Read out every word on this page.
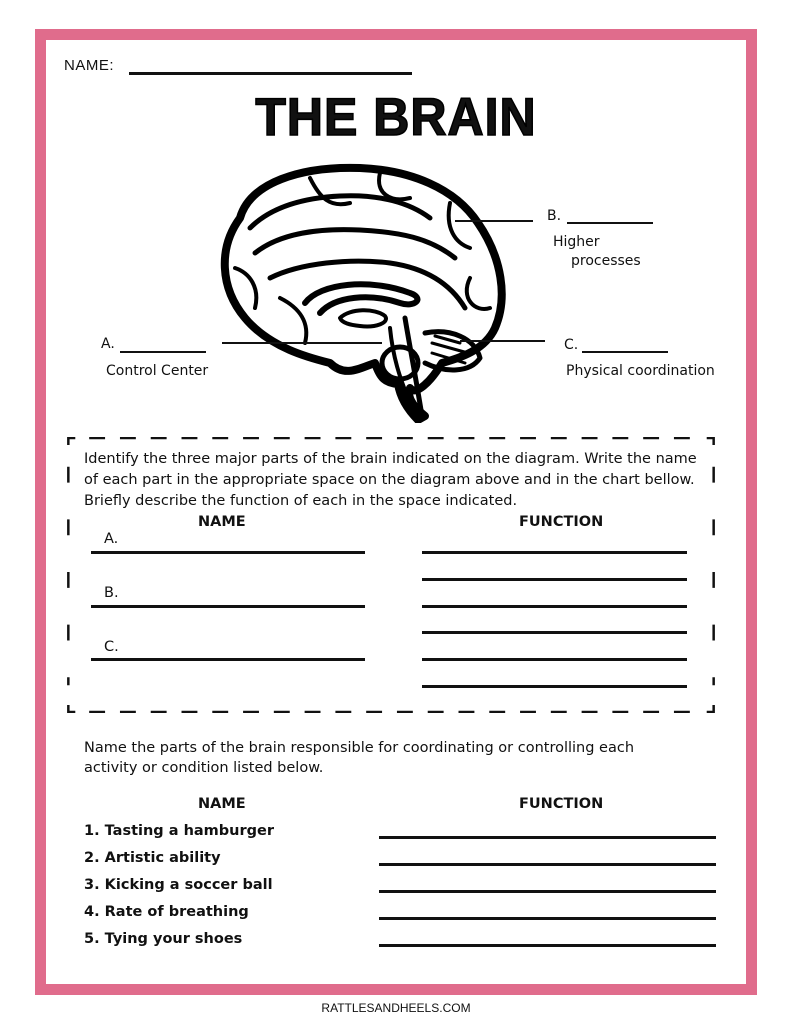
NAME:
THE BRAIN
A.
Control Center
B.
Higher
processes
C.
Physical coordination
Identify the three major parts of the brain indicated on the diagram. Write the name of each part in the appropriate space on the diagram above and in the chart bellow. Briefly describe the function of each in the space indicated.
NAME	FUNCTION
A.
B.
C.
Name the parts of the brain responsible for coordinating or controlling each
activity or condition listed below.
NAME	FUNCTION
1. Tasting a hamburger
2. Artistic ability
3. Kicking a soccer ball
4. Rate of breathing
5. Tying your shoes
RATTLESANDHEELS.COM
